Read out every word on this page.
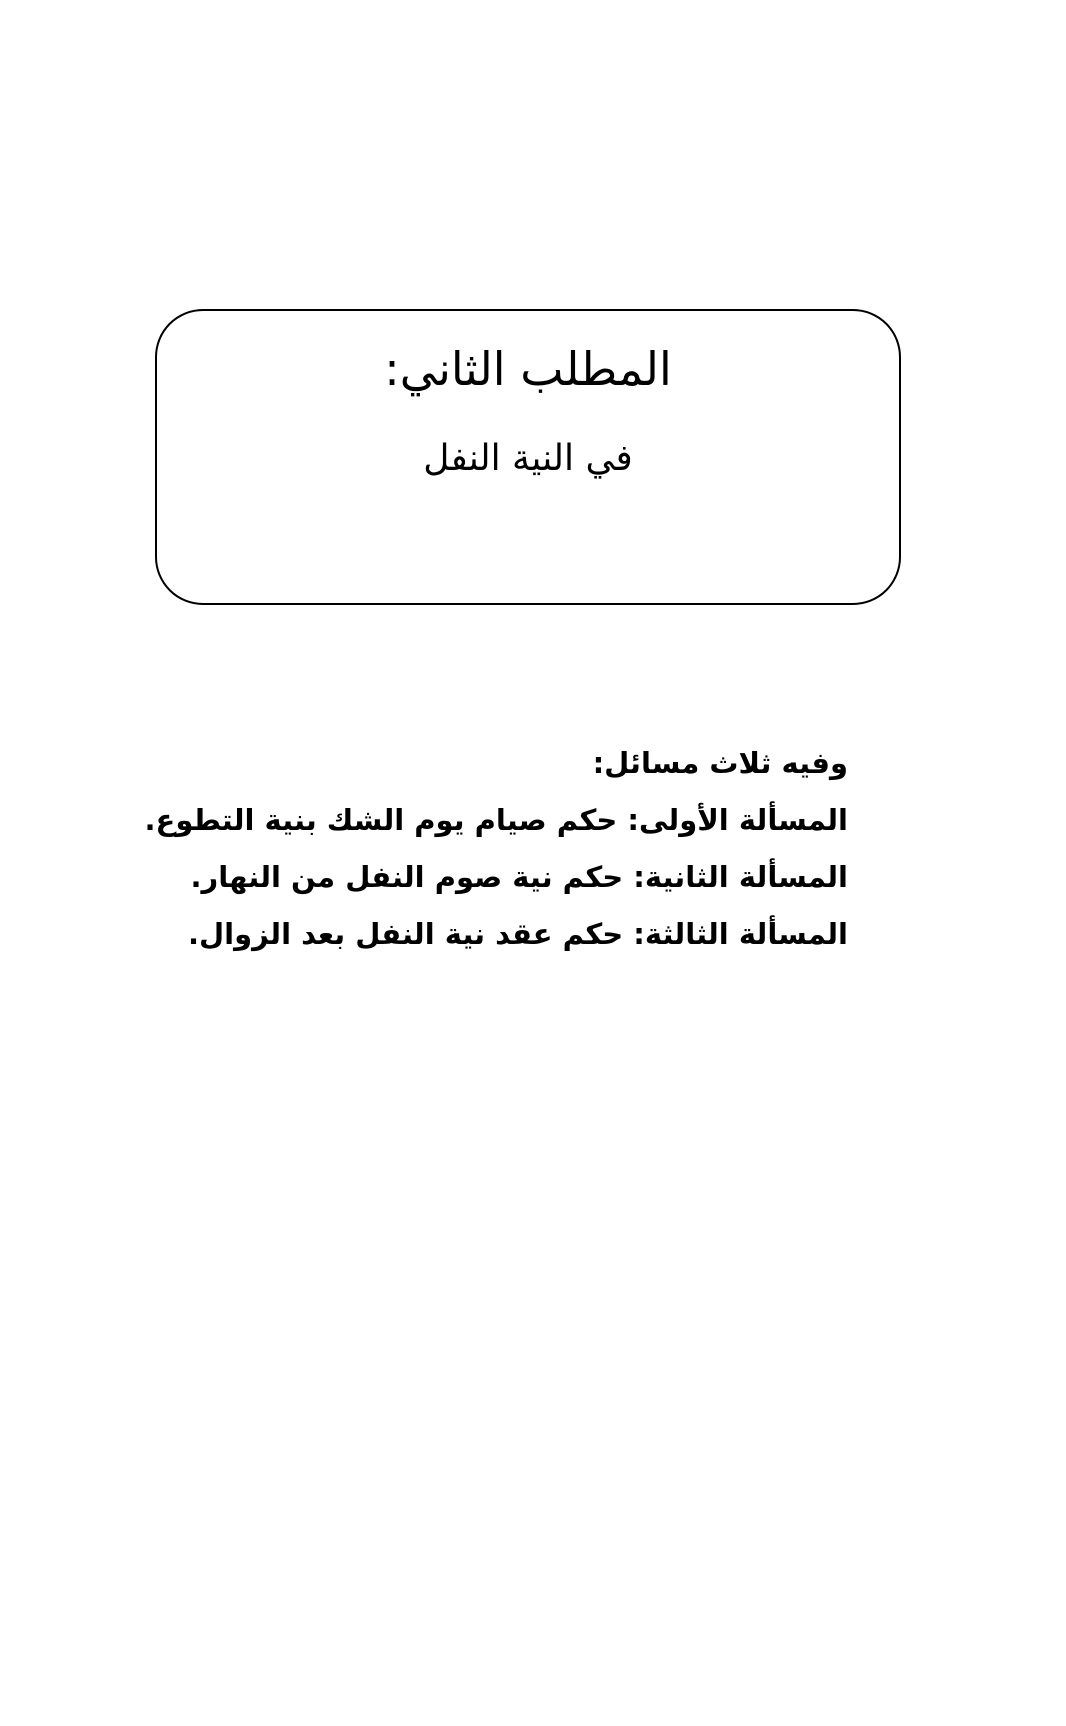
المطلب الثاني:

في النية النفل

وفيه ثلاث مسائل:

المسألة الأولى: حكم صيام يوم الشك بنية التطوع.

المسألة الثانية: حكم نية صوم النفل من النهار.

المسألة الثالثة: حكم عقد نية النفل بعد الزوال.
